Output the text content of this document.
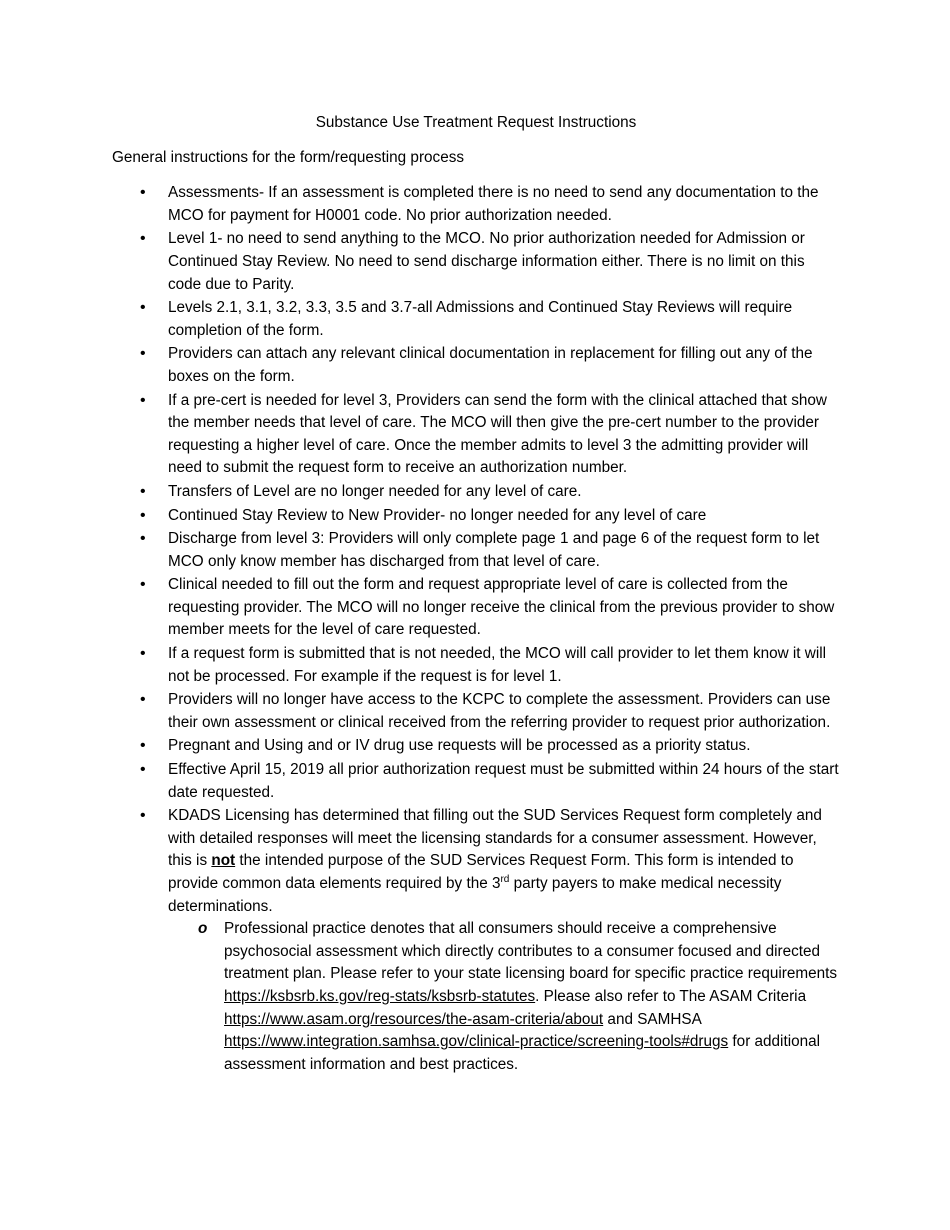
Substance Use Treatment Request Instructions

General instructions for the form/requesting process

• Assessments- If an assessment is completed there is no need to send any documentation to the MCO for payment for H0001 code. No prior authorization needed.
• Level 1- no need to send anything to the MCO. No prior authorization needed for Admission or Continued Stay Review. No need to send discharge information either. There is no limit on this code due to Parity.
• Levels 2.1, 3.1, 3.2, 3.3, 3.5 and 3.7-all Admissions and Continued Stay Reviews will require completion of the form.
• Providers can attach any relevant clinical documentation in replacement for filling out any of the boxes on the form.
• If a pre-cert is needed for level 3, Providers can send the form with the clinical attached that show the member needs that level of care. The MCO will then give the pre-cert number to the provider requesting a higher level of care. Once the member admits to level 3 the admitting provider will need to submit the request form to receive an authorization number.
• Transfers of Level are no longer needed for any level of care.
• Continued Stay Review to New Provider- no longer needed for any level of care
• Discharge from level 3: Providers will only complete page 1 and page 6 of the request form to let MCO only know member has discharged from that level of care.
• Clinical needed to fill out the form and request appropriate level of care is collected from the requesting provider. The MCO will no longer receive the clinical from the previous provider to show member meets for the level of care requested.
• If a request form is submitted that is not needed, the MCO will call provider to let them know it will not be processed. For example if the request is for level 1.
• Providers will no longer have access to the KCPC to complete the assessment. Providers can use their own assessment or clinical received from the referring provider to request prior authorization.
• Pregnant and Using and or IV drug use requests will be processed as a priority status.
• Effective April 15, 2019 all prior authorization request must be submitted within 24 hours of the start date requested.
• KDADS Licensing has determined that filling out the SUD Services Request form completely and with detailed responses will meet the licensing standards for a consumer assessment. However, this is not the intended purpose of the SUD Services Request Form. This form is intended to provide common data elements required by the 3rd party payers to make medical necessity determinations.
o Professional practice denotes that all consumers should receive a comprehensive psychosocial assessment which directly contributes to a consumer focused and directed treatment plan. Please refer to your state licensing board for specific practice requirements https://ksbsrb.ks.gov/reg-stats/ksbsrb-statutes. Please also refer to The ASAM Criteria https://www.asam.org/resources/the-asam-criteria/about and SAMHSA https://www.integration.samhsa.gov/clinical-practice/screening-tools#drugs for additional assessment information and best practices.
